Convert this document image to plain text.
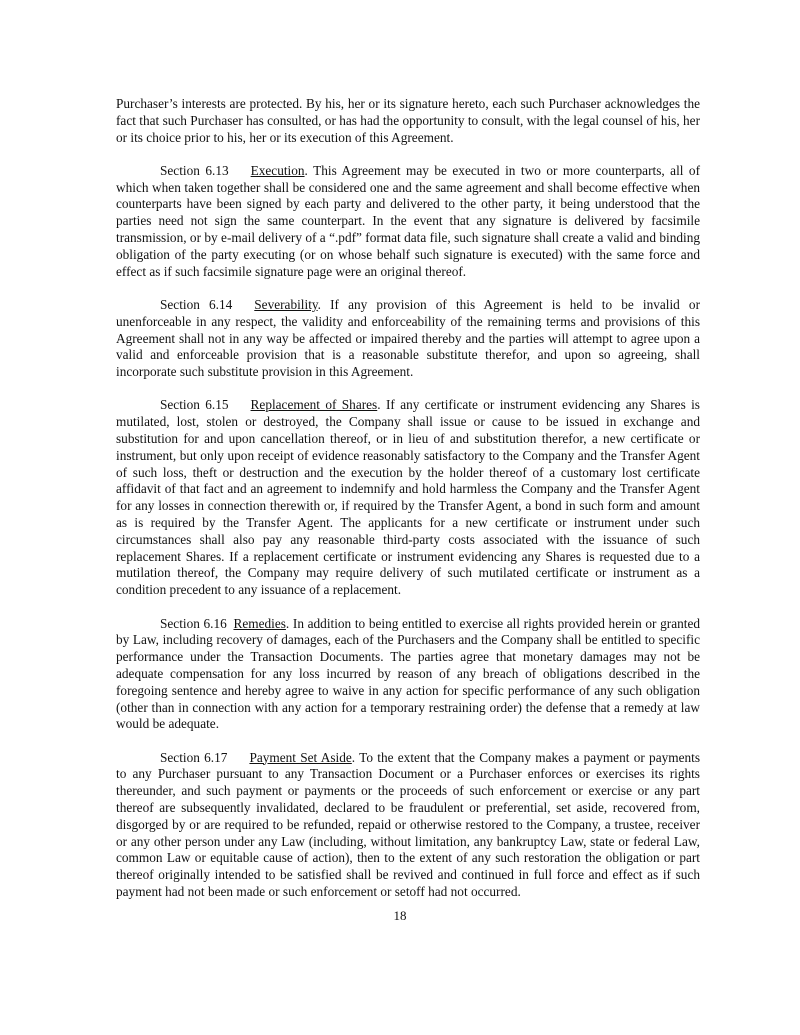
Purchaser’s interests are protected. By his, her or its signature hereto, each such Purchaser acknowledges the fact that such Purchaser has consulted, or has had the opportunity to consult, with the legal counsel of his, her or its choice prior to his, her or its execution of this Agreement.

Section 6.13 Execution. This Agreement may be executed in two or more counterparts, all of which when taken together shall be considered one and the same agreement and shall become effective when counterparts have been signed by each party and delivered to the other party, it being understood that the parties need not sign the same counterpart. In the event that any signature is delivered by facsimile transmission, or by e-mail delivery of a “.pdf” format data file, such signature shall create a valid and binding obligation of the party executing (or on whose behalf such signature is executed) with the same force and effect as if such facsimile signature page were an original thereof.

Section 6.14 Severability. If any provision of this Agreement is held to be invalid or unenforceable in any respect, the validity and enforceability of the remaining terms and provisions of this Agreement shall not in any way be affected or impaired thereby and the parties will attempt to agree upon a valid and enforceable provision that is a reasonable substitute therefor, and upon so agreeing, shall incorporate such substitute provision in this Agreement.

Section 6.15 Replacement of Shares. If any certificate or instrument evidencing any Shares is mutilated, lost, stolen or destroyed, the Company shall issue or cause to be issued in exchange and substitution for and upon cancellation thereof, or in lieu of and substitution therefor, a new certificate or instrument, but only upon receipt of evidence reasonably satisfactory to the Company and the Transfer Agent of such loss, theft or destruction and the execution by the holder thereof of a customary lost certificate affidavit of that fact and an agreement to indemnify and hold harmless the Company and the Transfer Agent for any losses in connection therewith or, if required by the Transfer Agent, a bond in such form and amount as is required by the Transfer Agent. The applicants for a new certificate or instrument under such circumstances shall also pay any reasonable third-party costs associated with the issuance of such replacement Shares. If a replacement certificate or instrument evidencing any Shares is requested due to a mutilation thereof, the Company may require delivery of such mutilated certificate or instrument as a condition precedent to any issuance of a replacement.

Section 6.16 Remedies. In addition to being entitled to exercise all rights provided herein or granted by Law, including recovery of damages, each of the Purchasers and the Company shall be entitled to specific performance under the Transaction Documents. The parties agree that monetary damages may not be adequate compensation for any loss incurred by reason of any breach of obligations described in the foregoing sentence and hereby agree to waive in any action for specific performance of any such obligation (other than in connection with any action for a temporary restraining order) the defense that a remedy at law would be adequate.

Section 6.17 Payment Set Aside. To the extent that the Company makes a payment or payments to any Purchaser pursuant to any Transaction Document or a Purchaser enforces or exercises its rights thereunder, and such payment or payments or the proceeds of such enforcement or exercise or any part thereof are subsequently invalidated, declared to be fraudulent or preferential, set aside, recovered from, disgorged by or are required to be refunded, repaid or otherwise restored to the Company, a trustee, receiver or any other person under any Law (including, without limitation, any bankruptcy Law, state or federal Law, common Law or equitable cause of action), then to the extent of any such restoration the obligation or part thereof originally intended to be satisfied shall be revived and continued in full force and effect as if such payment had not been made or such enforcement or setoff had not occurred.

18
